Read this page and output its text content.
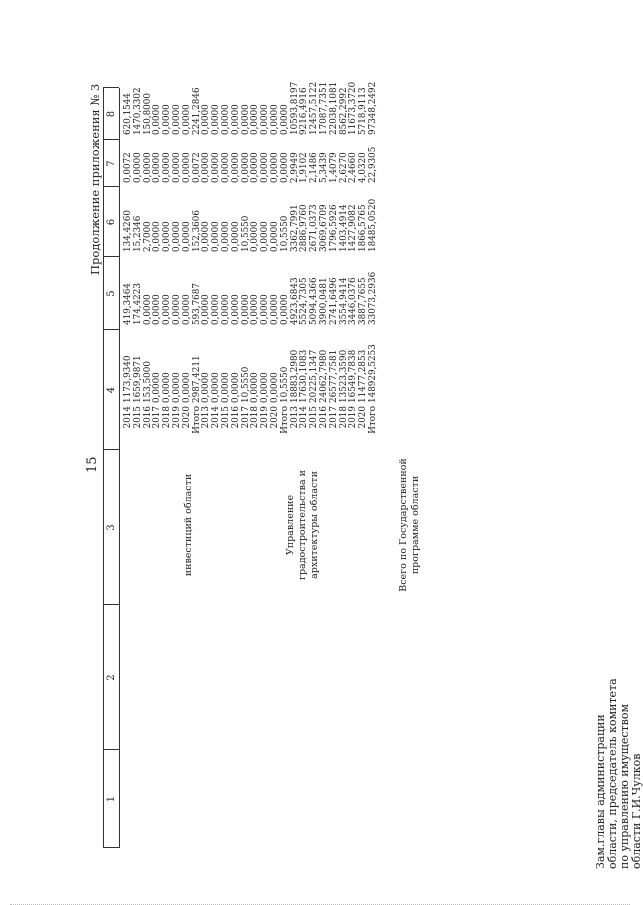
15
Продолжение приложения № 3
1
2
3
4
5
6
7
8
инвестиций области	Управление градостроительства и архитектуры области	Всего по Государственной программе области
2014
1173,9340
419,3464
134,4260
0,0072
620,1544
2015
1659,9871
174,4223
15,2346
0,0000
1470,3302
2016
153,5000
0,0000
2,7000
0,0000
150,8000
2017
0,0000
0,0000
0,0000
0,0000
0,0000
2018
0,0000
0,0000
0,0000
0,0000
0,0000
2019
0,0000
0,0000
0,0000
0,0000
0,0000
2020
0,0000
0,0000
0,0000
0,0000
0,0000
Итого
2987,4211
593,7687
152,3606
0,0072
2241,2846
2013
0,0000
0,0000
0,0000
0,0000
0,0000
2014
0,0000
0,0000
0,0000
0,0000
0,0000
2015
0,0000
0,0000
0,0000
0,0000
0,0000
2016
0,0000
0,0000
0,0000
0,0000
0,0000
2017
10,5550
0,0000
10,5550
0,0000
0,0000
2018
0,0000
0,0000
0,0000
0,0000
0,0000
2019
0,0000
0,0000
0,0000
0,0000
0,0000
2020
0,0000
0,0000
0,0000
0,0000
0,0000
Итого
10,5550
0,0000
10,5550
0,0000
0,0000
2013
18883,2980
4923,6843
3362,7991
2,9949
10593,8197
2014
17630,1083
5524,7305
2886,9760
1,9102
9216,4916
2015
20225,1347
5094,4366
2671,0373
2,1486
12457,5122
2016
24062,7980
3900,0481
3069,6709
5,3439
17087,7351
2017
26577,7581
2741,6496
1796,5926
1,4079
22038,1081
2018
13523,3590
3554,9414
1403,4914
2,6270
8562,2992
2019
16549,7838
3446,0376
1427,9082
2,4660
11673,3720
2020
11477,2853
3887,7655
1866,5765
4,0320
5718,9113
Итого
148929,5253
33073,2936
18485,0520
22,9305
97348,2492
Зам.главы администрации области, председатель комитета по управлению имуществом области Г.И.Чулков
